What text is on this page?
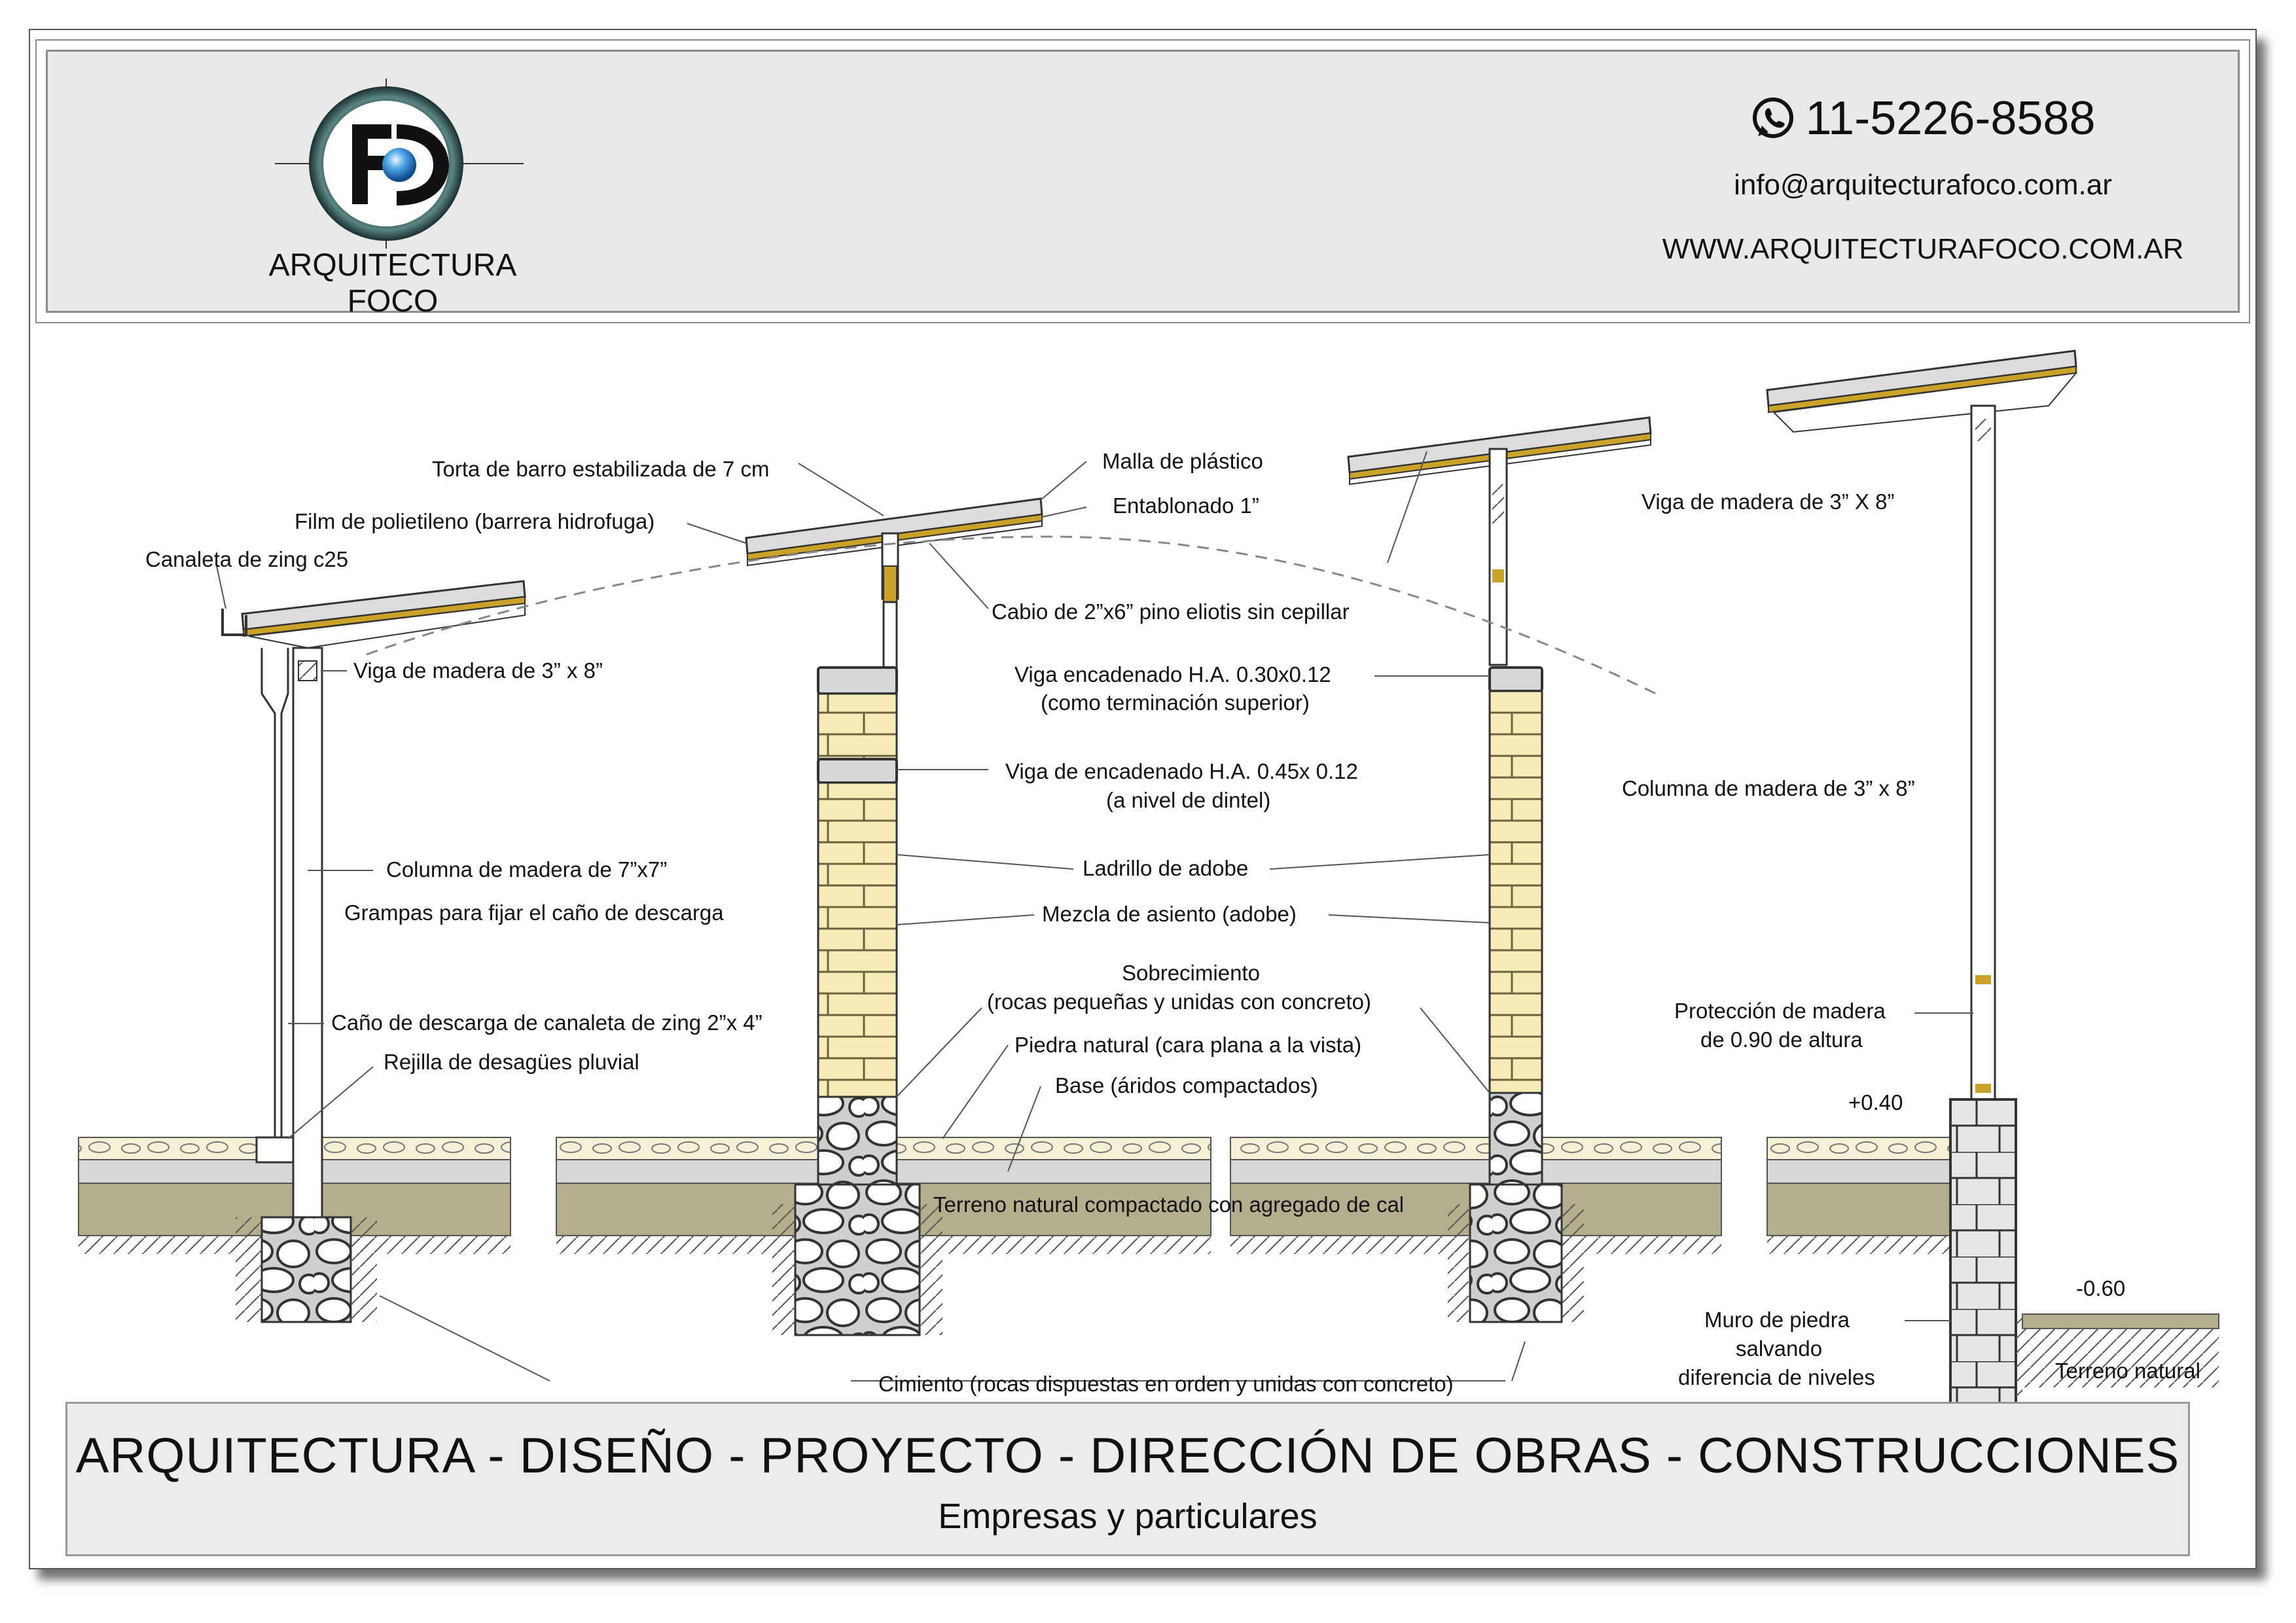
ARQUITECTURA FOCO
11-5226-8588
info@arquitecturafoco.com.ar
WWW.ARQUITECTURAFOCO.COM.AR
Torta de barro estabilizada de 7 cm	Malla de plástico
Film de polietileno (barrera hidrofuga)
Entablonado 1”
Canaleta de zing c25
Viga de madera de 3” x 8”
Cabio de 2”x6” pino eliotis sin cepillar
Viga de madera de 3” X 8”
Viga encadenado H.A. 0.30x0.12
(como terminación superior)
Viga de encadenado H.A. 0.45x 0.12
(a nivel de dintel)	Columna de madera de 3” x 8”
Columna de madera de 7”x7”	Ladrillo de adobe
Grampas para fijar el caño de descarga	Mezcla de asiento (adobe)
Sobrecimiento
(rocas pequeñas y unidas con concreto)
Caño de descarga de canaleta de zing 2”x 4”	Protección de madera
de 0.90 de altura
Rejilla de desagües pluvial
Piedra natural (cara plana a la vista)
Base (áridos compactados)
+0.40
Terreno natural compactado con agregado de cal
-0.60
Muro de piedra
salvando
diferencia de niveles	Terreno natural
Cimiento (rocas dispuestas en orden y unidas con concreto)
ARQUITECTURA - DISEÑO - PROYECTO - DIRECCIÓN DE OBRAS - CONSTRUCCIONES
Empresas y particulares
